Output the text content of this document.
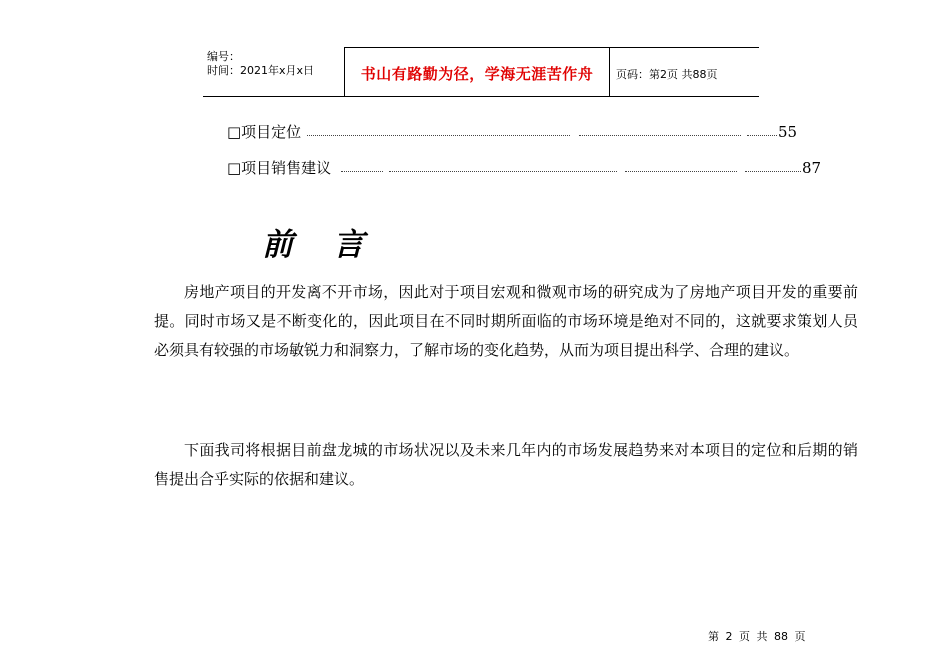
编号：
时间：2021年x月x日	书山有路勤为径，学海无涯苦作舟	页码：第2页 共88页
□项目定位	55
□项目销售建议	87
前言

房地产项目的开发离不开市场，因此对于项目宏观和微观市场的研究成为了房地产项目开发的重要前提。同时市场又是不断变化的，因此项目在不同时期所面临的市场环境是绝对不同的，这就要求策划人员必须具有较强的市场敏锐力和洞察力，了解市场的变化趋势，从而为项目提出科学、合理的建议。

下面我司将根据目前盘龙城的市场状况以及未来几年内的市场发展趋势来对本项目的定位和后期的销售提出合乎实际的依据和建议。

第 2 页 共 88 页
